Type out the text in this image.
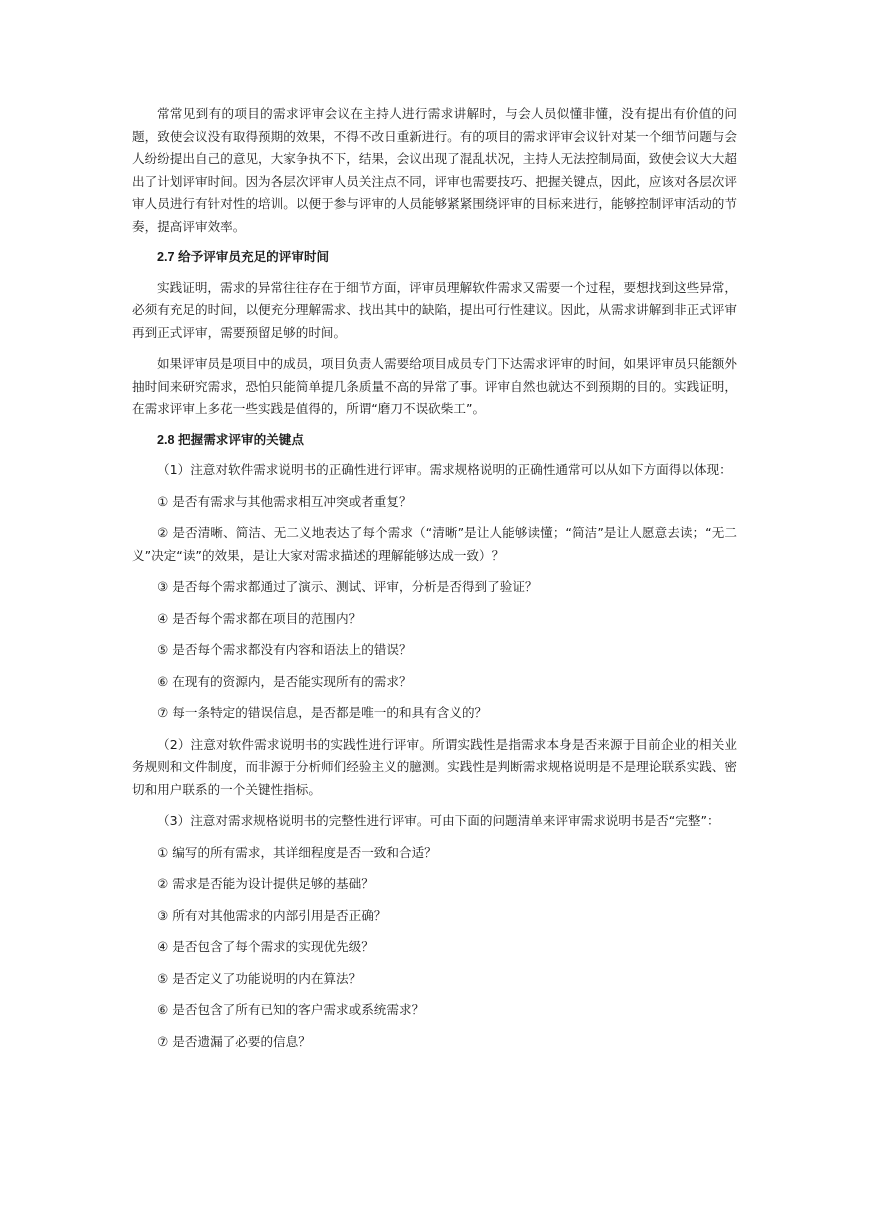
常常见到有的项目的需求评审会议在主持人进行需求讲解时，与会人员似懂非懂，没有提出有价值的问题，致使会议没有取得预期的效果，不得不改日重新进行。有的项目的需求评审会议针对某一个细节问题与会人纷纷提出自己的意见，大家争执不下，结果，会议出现了混乱状况，主持人无法控制局面，致使会议大大超出了计划评审时间。因为各层次评审人员关注点不同，评审也需要技巧、把握关键点，因此，应该对各层次评审人员进行有针对性的培训。以便于参与评审的人员能够紧紧围绕评审的目标来进行，能够控制评审活动的节奏，提高评审效率。

2.7 给予评审员充足的评审时间

实践证明，需求的异常往往存在于细节方面，评审员理解软件需求又需要一个过程，要想找到这些异常，必须有充足的时间，以便充分理解需求、找出其中的缺陷，提出可行性建议。因此，从需求讲解到非正式评审再到正式评审，需要预留足够的时间。

如果评审员是项目中的成员，项目负责人需要给项目成员专门下达需求评审的时间，如果评审员只能额外抽时间来研究需求，恐怕只能简单提几条质量不高的异常了事。评审自然也就达不到预期的目的。实践证明，在需求评审上多花一些实践是值得的，所谓“磨刀不误砍柴工”。

2.8 把握需求评审的关键点

（1）注意对软件需求说明书的正确性进行评审。需求规格说明的正确性通常可以从如下方面得以体现：

① 是否有需求与其他需求相互冲突或者重复？

② 是否清晰、简洁、无二义地表达了每个需求（“清晰”是让人能够读懂；“简洁”是让人愿意去读；“无二义”决定“读”的效果，是让大家对需求描述的理解能够达成一致）？

③ 是否每个需求都通过了演示、测试、评审，分析是否得到了验证？

④ 是否每个需求都在项目的范围内？

⑤ 是否每个需求都没有内容和语法上的错误？

⑥ 在现有的资源内，是否能实现所有的需求？

⑦ 每一条特定的错误信息，是否都是唯一的和具有含义的？

（2）注意对软件需求说明书的实践性进行评审。所谓实践性是指需求本身是否来源于目前企业的相关业务规则和文件制度，而非源于分析师们经验主义的臆测。实践性是判断需求规格说明是不是理论联系实践、密切和用户联系的一个关键性指标。

（3）注意对需求规格说明书的完整性进行评审。可由下面的问题清单来评审需求说明书是否“完整”：

① 编写的所有需求，其详细程度是否一致和合适？

② 需求是否能为设计提供足够的基础？

③ 所有对其他需求的内部引用是否正确？

④ 是否包含了每个需求的实现优先级？

⑤ 是否定义了功能说明的内在算法？

⑥ 是否包含了所有已知的客户需求或系统需求？

⑦ 是否遗漏了必要的信息？
